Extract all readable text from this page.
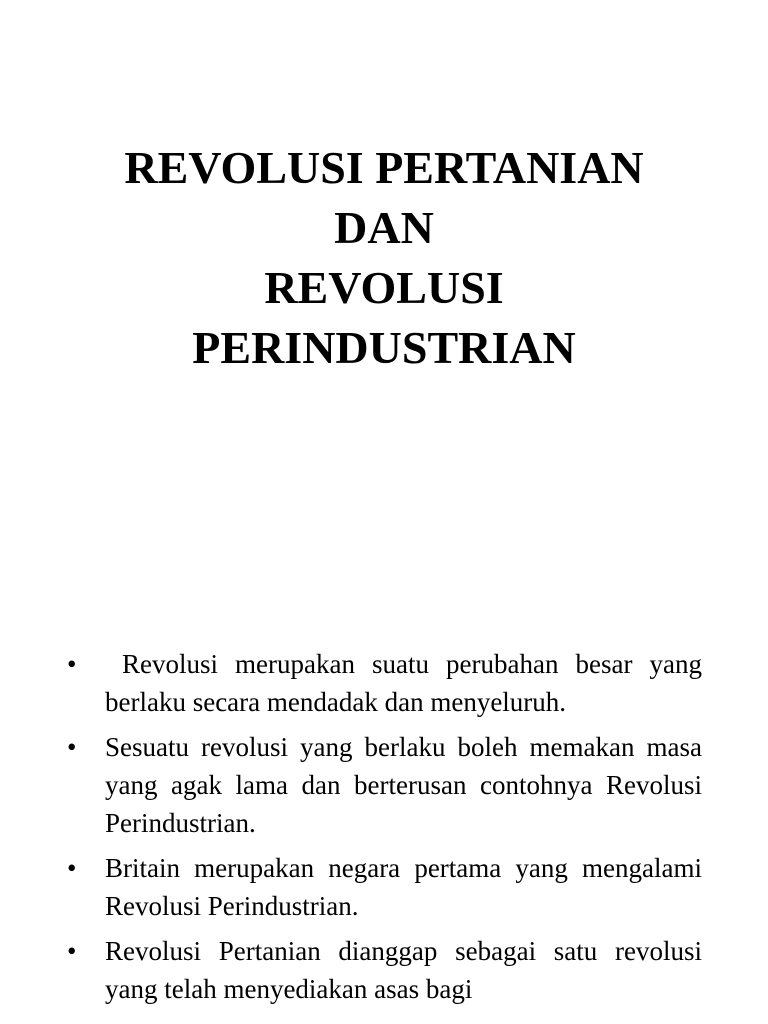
REVOLUSI PERTANIAN
DAN
REVOLUSI
PERINDUSTRIAN
• Revolusi merupakan suatu perubahan besar yang berlaku secara mendadak dan menyeluruh.
• Sesuatu revolusi yang berlaku boleh memakan masa yang agak lama dan berterusan contohnya Revolusi Perindustrian.
• Britain merupakan negara pertama yang mengalami Revolusi Perindustrian.
• Revolusi Pertanian dianggap sebagai satu revolusi yang telah menyediakan asas bagi
